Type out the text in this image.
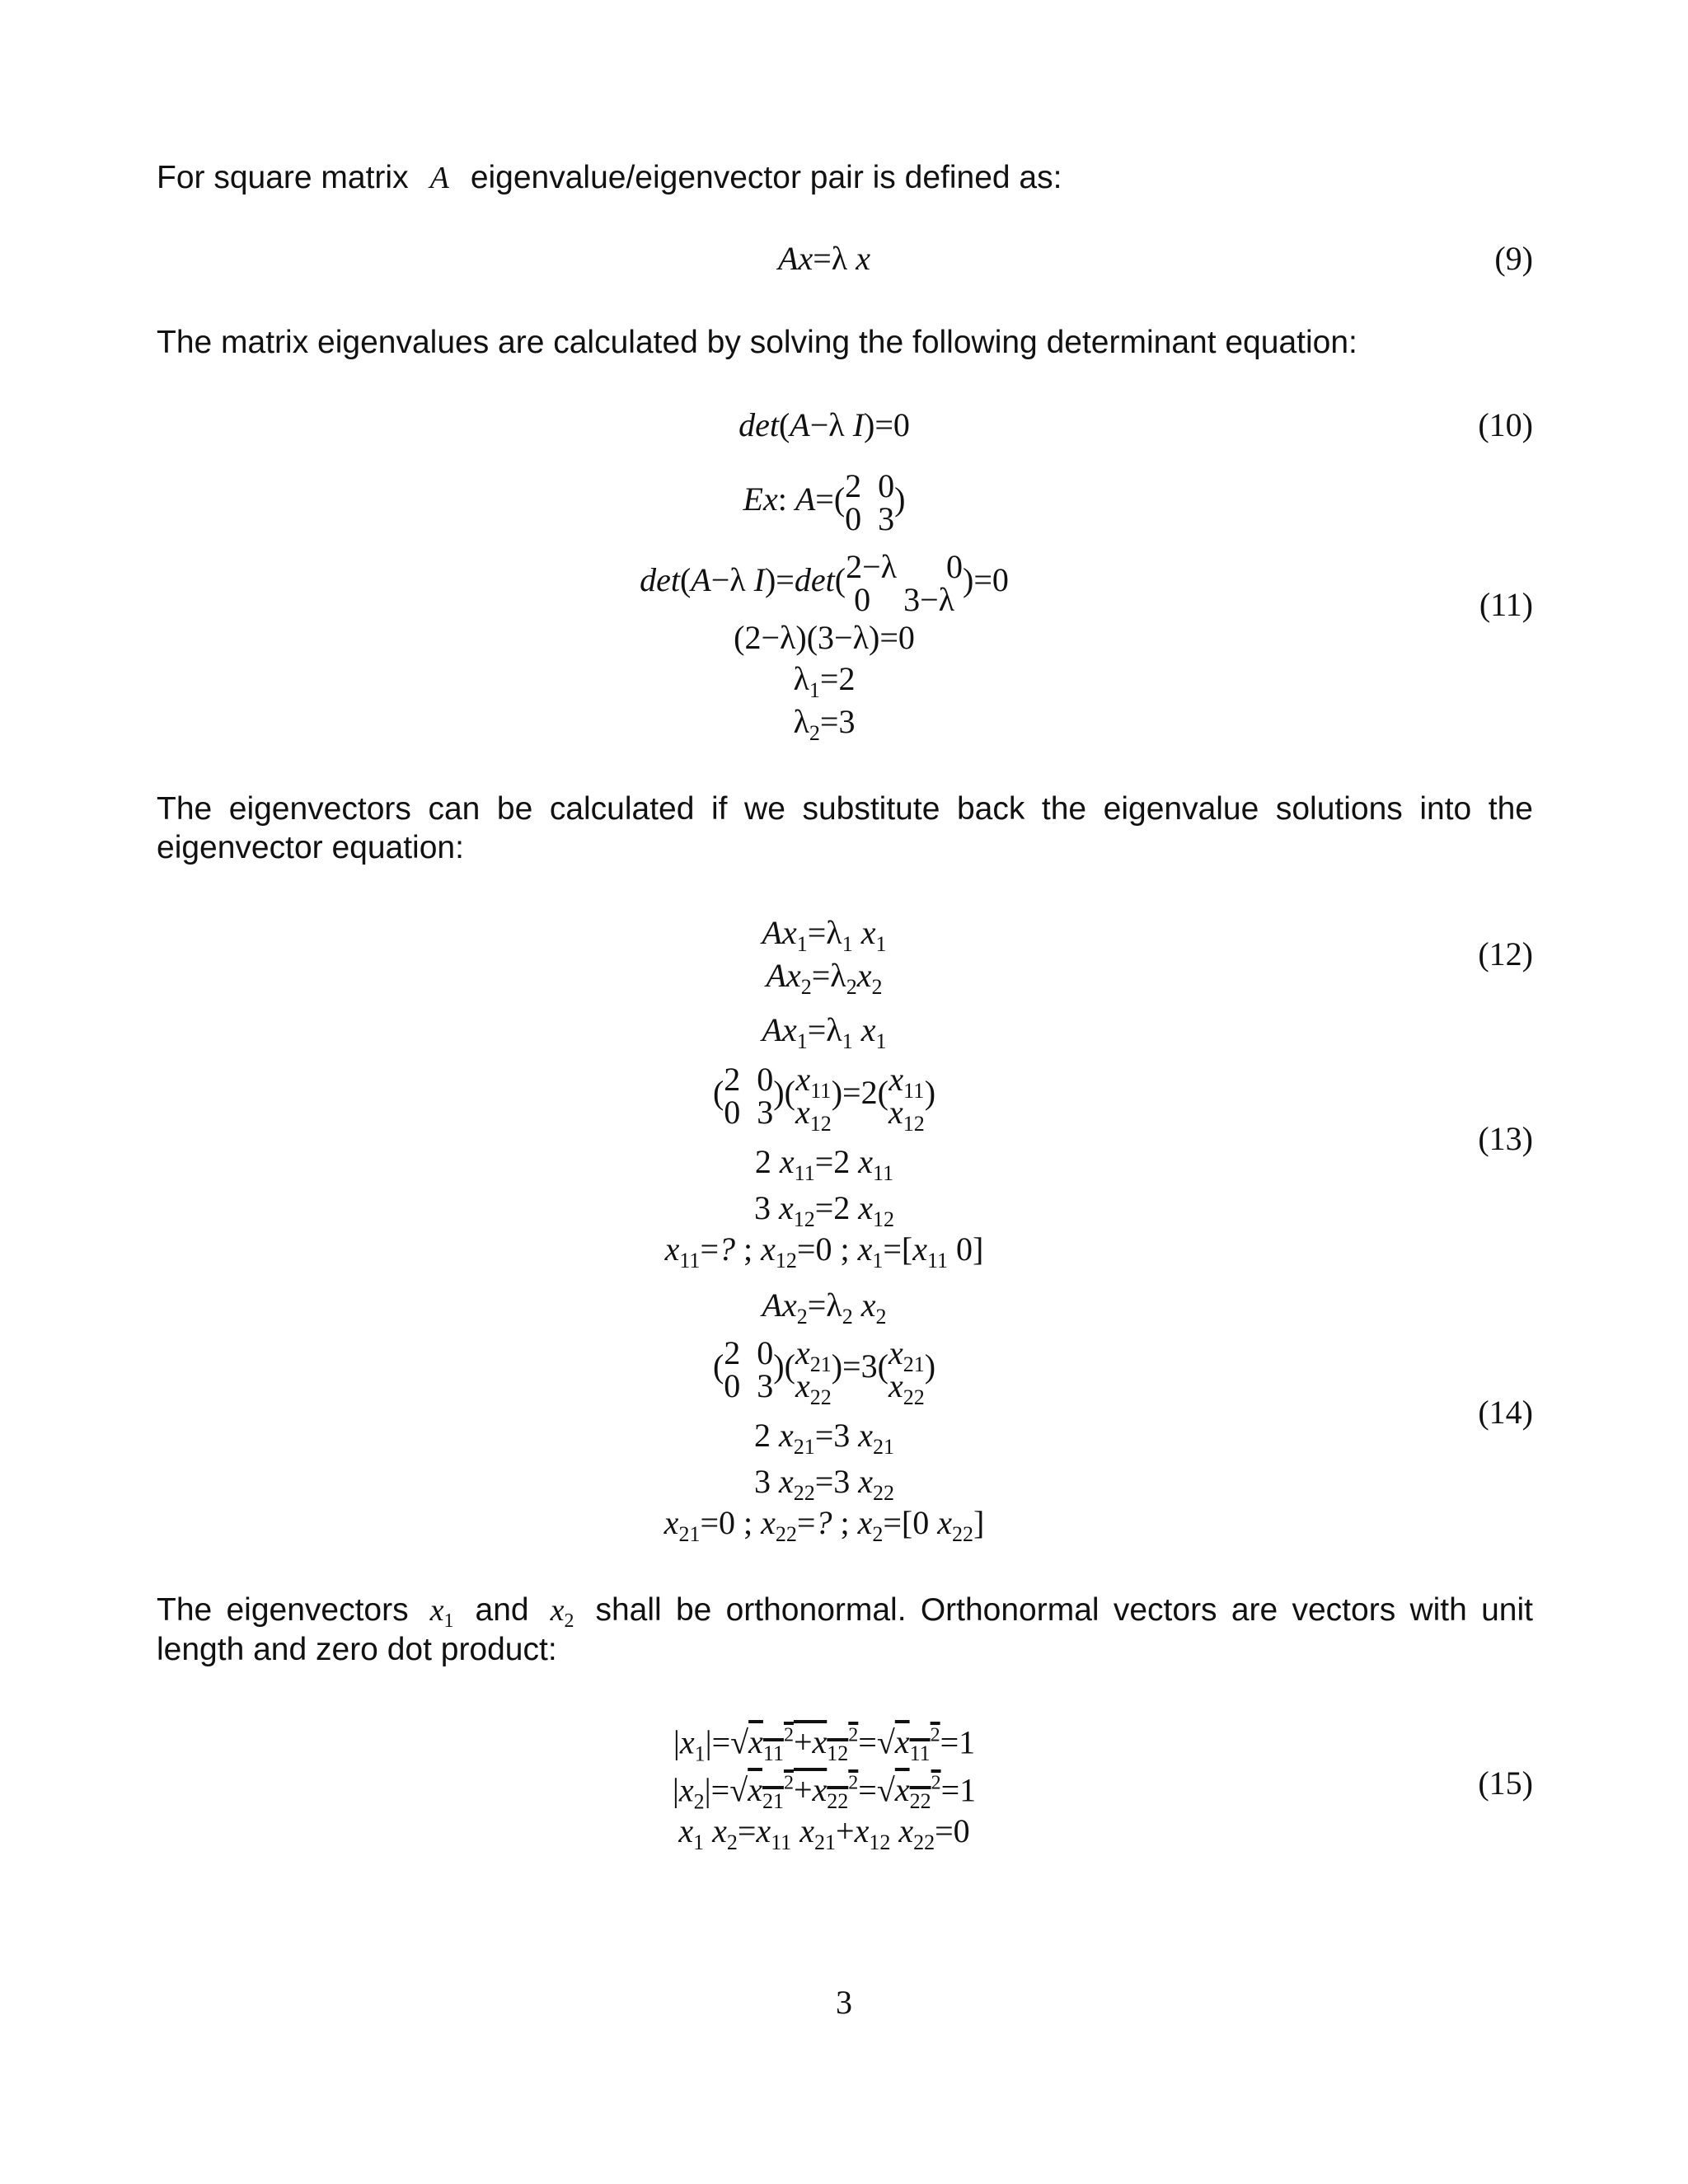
For square matrix A eigenvalue/eigenvector pair is defined as:
Ax=λ x	(9)
The matrix eigenvalues are calculated by solving the following determinant equation:
det(A−λ I)=0	(10)
Ex: A=(2  0
0  3)
det(A−λ I)=det(2−λ      0
0    3−λ)=0
(2−λ)(3−λ)=0
$\lambda_1=2$
$\lambda_2=3$
(11)
The eigenvectors can be calculated if we substitute back the eigenvalue solutions into the eigenvector equation:
$Ax_1=\lambda_1$ $x_1$
$Ax_2=\lambda_2x_2$
(12)
$Ax_1=\lambda_1$ $x_1$
(2  0
0  $3)(x_{11}$
$x_{12})=2(x_{11}$
$x_{12}$)
2 $x_{11}=2$ $x_{11}$
3 $x_{12}=2$ $x_{12}$
$x_{11}=$? ; $x_{12}=0$ ; $x_1=[x_{11}$ 0]
(13)
$Ax_2=\lambda_2$ $x_2$
(2  0
0  $3)(x_{21}$
$x_{22})=3(x_{21}$
$x_{22}$)
2 $x_{21}=3$ $x_{21}$
3 $x_{22}=3$ $x_{22}$
$x_{21}=0$ ; $x_{22}=$? ; $x_2=[0$ $x_{22}$]
(14)
The eigenvectors $x_1$ and $x_2$ shall be orthonormal. Orthonormal vectors are vectors with unit length and zero dot product:
$|x_1|=√x_{11}^2+x_{12}^2=√x_{11}^2=1$
$|x_2|=√x_{21}^2+x_{22}^2=√x_{22}^2=1$
$x_1$ $x_2=x_{11}$ $x_{21}+x_{12}$ $x_{22}=0$
(15)
3
